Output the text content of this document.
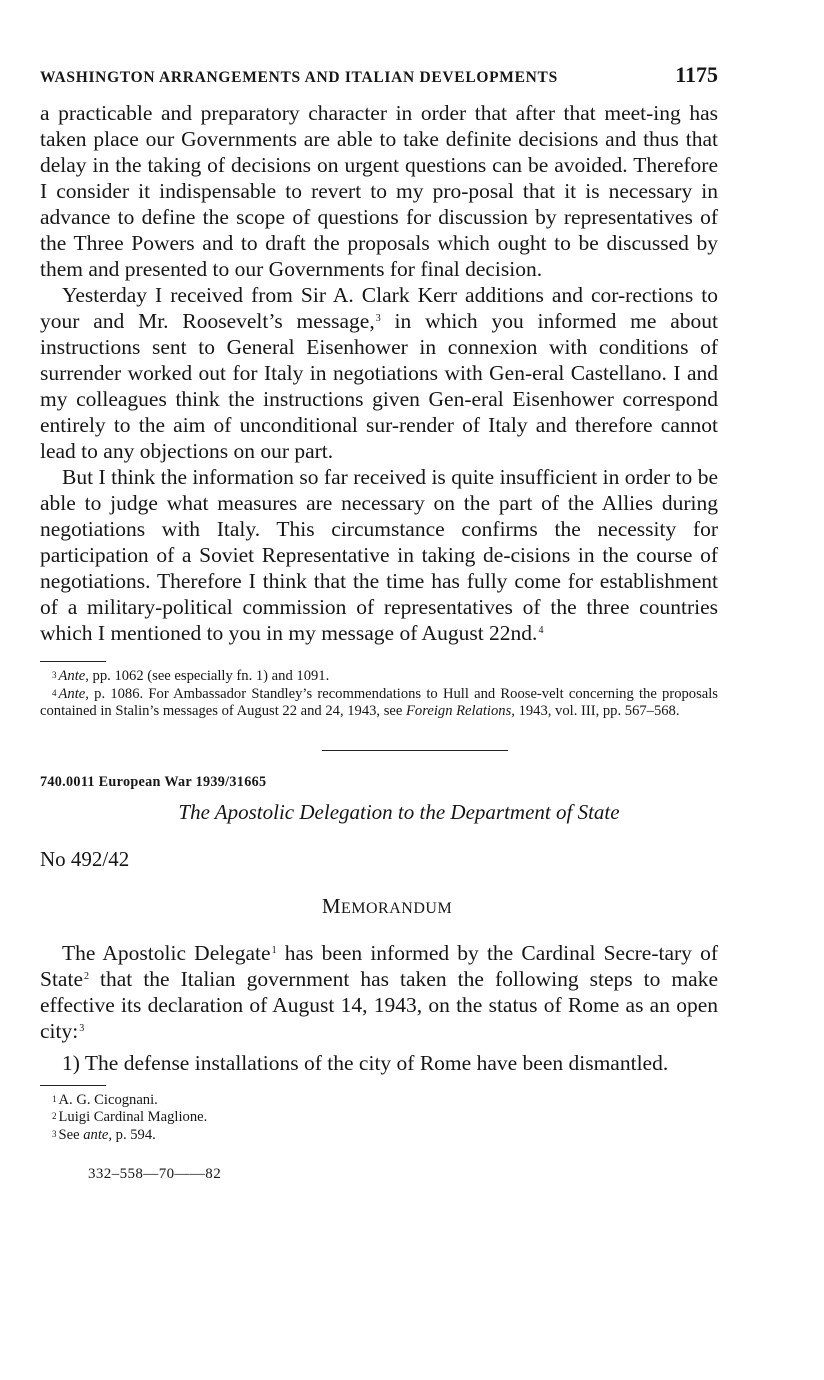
WASHINGTON ARRANGEMENTS AND ITALIAN DEVELOPMENTS	1175

a practicable and preparatory character in order that after that meet-ing has taken place our Governments are able to take definite decisions and thus that delay in the taking of decisions on urgent questions can be avoided. Therefore I consider it indispensable to revert to my pro-posal that it is necessary in advance to define the scope of questions for discussion by representatives of the Three Powers and to draft the proposals which ought to be discussed by them and presented to our Governments for final decision.

Yesterday I received from Sir A. Clark Kerr additions and cor-rections to your and Mr. Roosevelt’s message,$^3$ in which you informed me about instructions sent to General Eisenhower in connexion with conditions of surrender worked out for Italy in negotiations with Gen-eral Castellano. I and my colleagues think the instructions given Gen-eral Eisenhower correspond entirely to the aim of unconditional sur-render of Italy and therefore cannot lead to any objections on our part.

But I think the information so far received is quite insufficient in order to be able to judge what measures are necessary on the part of the Allies during negotiations with Italy. This circumstance confirms the necessity for participation of a Soviet Representative in taking de-cisions in the course of negotiations. Therefore I think that the time has fully come for establishment of a military-political commission of representatives of the three countries which I mentioned to you in my message of August 22nd.$^4$

$^3$ Ante, pp. 1062 (see especially fn. 1) and 1091.

$^4$ Ante, p. 1086. For Ambassador Standley’s recommendations to Hull and Roose-velt concerning the proposals contained in Stalin’s messages of August 22 and 24, 1943, see Foreign Relations, 1943, vol. III, pp. 567–568.

740.0011 European War 1939/31665
The Apostolic Delegation to the Department of State
No 492/42
MEMORANDUM

The Apostolic Delegate$^1$ has been informed by the Cardinal Secre-tary of State$^2$ that the Italian government has taken the following steps to make effective its declaration of August 14, 1943, on the status of Rome as an open city:$^3$

1) The defense installations of the city of Rome have been dismantled.

$^1$ A. G. Cicognani.

$^2$ Luigi Cardinal Maglione.

$^3$ See ante, p. 594.

332–558—70——82
